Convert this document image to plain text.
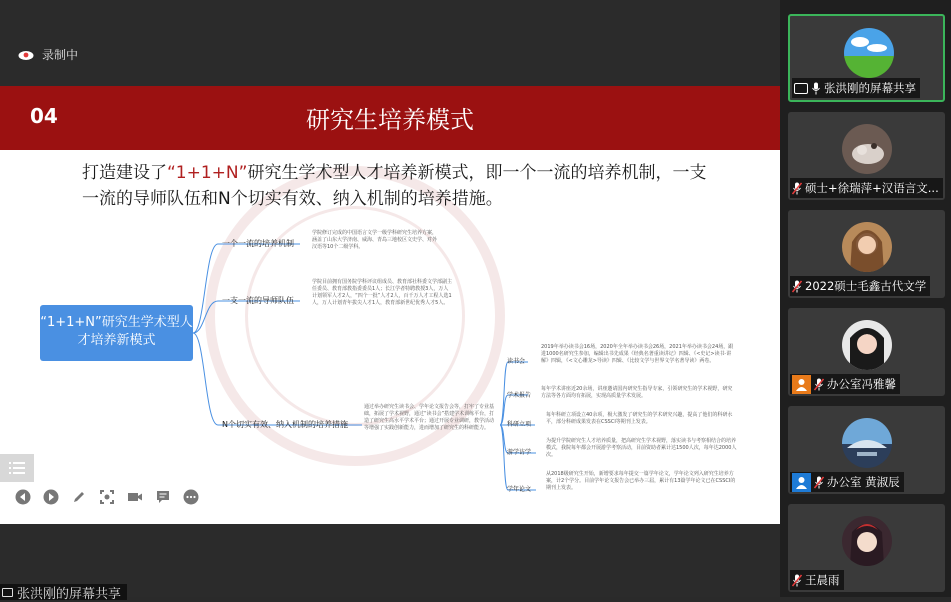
录制中
04	研究生培养模式
打造建设了“1+1+N”研究生学术型人才培养新模式，即一个一流的培养机制，一支一流的导师队伍和N个切实有效、纳入机制的培养措施。
“1+1+N”研究生学术型人才培养新模式
一个一流的培养机制
学院修订完成的中国语言文学一级学科研究生培养方案，涵盖了山东大学济南、威海、青岛三地校区文史学、对外汉语等10个二级学科。
一支一流的导师队伍
学院目前拥有国务院学科评议组成员、教育部社科委文学部副主任委员、教育部教指委委员1人；长江学者特聘教授3人，万人计划领军人才2人，“四个一批”人才2人，百千万人才工程人选1人，万人计划青年拔尖人才1人，教育部新世纪优秀人才5人。
N个切实有效、纳入机制的培养措施
通过举办研究生读书会、学年论文报告会等，打牢了专业基础，拓展了学术视野，通过“读书会”搭建学术训练平台，打造了研究生高水平学术平台；通过开展专业调研，教学活动等增强了实践创新能力，进而增加了研究生的科研能力。
读书会
2019年举办读书会16场，2020年全年举办读书会26场，2021年举办读书会24场，跟进1000名研究生参加，编辑出书先成果《经典名著重读讲记》四辑、《<史记>读书·讲解》四辑，《<文心雕龙>导读》四辑、《比较文学与世界文学名著导读》两卷。
学术报告
每年学术讲座近20余场，讲座邀请国内研究生指导专家，引领研究生的学术视野，研究方法等各方面均有拓展，实现高质量学术发展。
科研立项
每年科研立项设立40余项，极大激发了研究生的学术研究兴趣，提高了他们的科研水平，部分科研成果发表在CSSCI等期刊上发表。
游学访学
为提升学院研究生人才培养质量，把高研究生学术视野，落实读书与考察相结合的培养模式，我院每年都会开展游学考察活动，目前资助者累计达1500人次，每年达2000人次。
学年论文
从2018级研究生开始，新增要求每年提交一篇学年论文，学年论文列入研究生培养方案，计2个学分。目前学年论文报告会已举办三届，累计有13篇学年论文已在CSSCI的期刊上发表。
张洪刚的屏幕共享
张洪刚的屏幕共享
硕士+徐瑞萍+汉语言文...
2022硕士毛鑫古代文学
办公室冯雅馨
办公室 黄淑辰
王晨雨
